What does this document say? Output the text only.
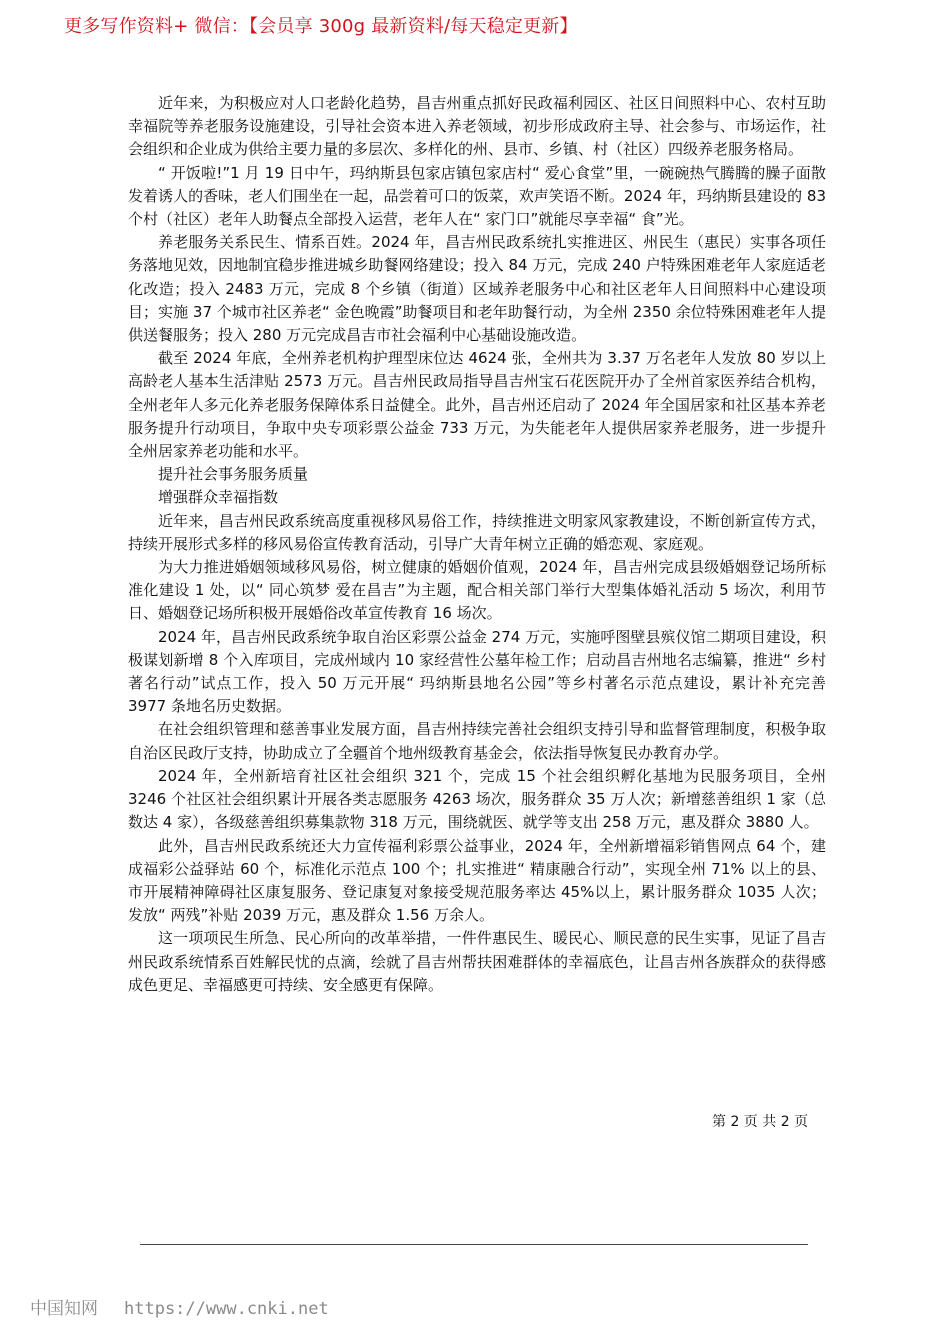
更多写作资料+ 微信：【会员享 300g 最新资料/每天稳定更新】

近年来，为积极应对人口老龄化趋势，昌吉州重点抓好民政福利园区、社区日间照料中心、农村互助幸福院等养老服务设施建设，引导社会资本进入养老领域，初步形成政府主导、社会参与、市场运作，社会组织和企业成为供给主要力量的多层次、多样化的州、县市、乡镇、村（社区）四级养老服务格局。

“ 开饭啦!”1 月 19 日中午，玛纳斯县包家店镇包家店村“ 爱心食堂”里，一碗碗热气腾腾的臊子面散发着诱人的香味，老人们围坐在一起，品尝着可口的饭菜，欢声笑语不断。2024 年，玛纳斯县建设的 83 个村（社区）老年人助餐点全部投入运营，老年人在“ 家门口”就能尽享幸福“ 食”光。

养老服务关系民生、情系百姓。2024 年，昌吉州民政系统扎实推进区、州民生（惠民）实事各项任务落地见效，因地制宜稳步推进城乡助餐网络建设；投入 84 万元，完成 240 户特殊困难老年人家庭适老化改造；投入 2483 万元，完成 8 个乡镇（街道）区域养老服务中心和社区老年人日间照料中心建设项目；实施 37 个城市社区养老“ 金色晚霞”助餐项目和老年助餐行动，为全州 2350 余位特殊困难老年人提供送餐服务；投入 280 万元完成昌吉市社会福利中心基础设施改造。

截至 2024 年底，全州养老机构护理型床位达 4624 张，全州共为 3.37 万名老年人发放 80 岁以上高龄老人基本生活津贴 2573 万元。昌吉州民政局指导昌吉州宝石花医院开办了全州首家医养结合机构，全州老年人多元化养老服务保障体系日益健全。此外，昌吉州还启动了 2024 年全国居家和社区基本养老服务提升行动项目，争取中央专项彩票公益金 733 万元，为失能老年人提供居家养老服务，进一步提升全州居家养老功能和水平。

提升社会事务服务质量

增强群众幸福指数

近年来，昌吉州民政系统高度重视移风易俗工作，持续推进文明家风家教建设，不断创新宣传方式，持续开展形式多样的移风易俗宣传教育活动，引导广大青年树立正确的婚恋观、家庭观。

为大力推进婚姻领域移风易俗，树立健康的婚姻价值观，2024 年，昌吉州完成县级婚姻登记场所标准化建设 1 处，以“ 同心筑梦 爱在昌吉”为主题，配合相关部门举行大型集体婚礼活动 5 场次，利用节日、婚姻登记场所积极开展婚俗改革宣传教育 16 场次。

2024 年，昌吉州民政系统争取自治区彩票公益金 274 万元，实施呼图壁县殡仪馆二期项目建设，积极谋划新增 8 个入库项目，完成州域内 10 家经营性公墓年检工作；启动昌吉州地名志编纂，推进“ 乡村著名行动”试点工作，投入 50 万元开展“ 玛纳斯县地名公园”等乡村著名示范点建设，累计补充完善 3977 条地名历史数据。

在社会组织管理和慈善事业发展方面，昌吉州持续完善社会组织支持引导和监督管理制度，积极争取自治区民政厅支持，协助成立了全疆首个地州级教育基金会，依法指导恢复民办教育办学。

2024 年，全州新培育社区社会组织 321 个，完成 15 个社会组织孵化基地为民服务项目，全州 3246 个社区社会组织累计开展各类志愿服务 4263 场次，服务群众 35 万人次；新增慈善组织 1 家（总数达 4 家），各级慈善组织募集款物 318 万元，围绕就医、就学等支出 258 万元，惠及群众 3880 人。

此外，昌吉州民政系统还大力宣传福利彩票公益事业，2024 年，全州新增福彩销售网点 64 个，建成福彩公益驿站 60 个，标准化示范点 100 个；扎实推进“ 精康融合行动”，实现全州 71% 以上的县、市开展精神障碍社区康复服务、登记康复对象接受规范服务率达 45%以上，累计服务群众 1035 人次；发放“ 两残”补贴 2039 万元，惠及群众 1.56 万余人。

这一项项民生所急、民心所向的改革举措，一件件惠民生、暖民心、顺民意的民生实事，见证了昌吉州民政系统情系百姓解民忧的点滴，绘就了昌吉州帮扶困难群体的幸福底色，让昌吉州各族群众的获得感成色更足、幸福感更可持续、安全感更有保障。

第 2 页 共 2 页
中国知网 https://www.cnki.net
